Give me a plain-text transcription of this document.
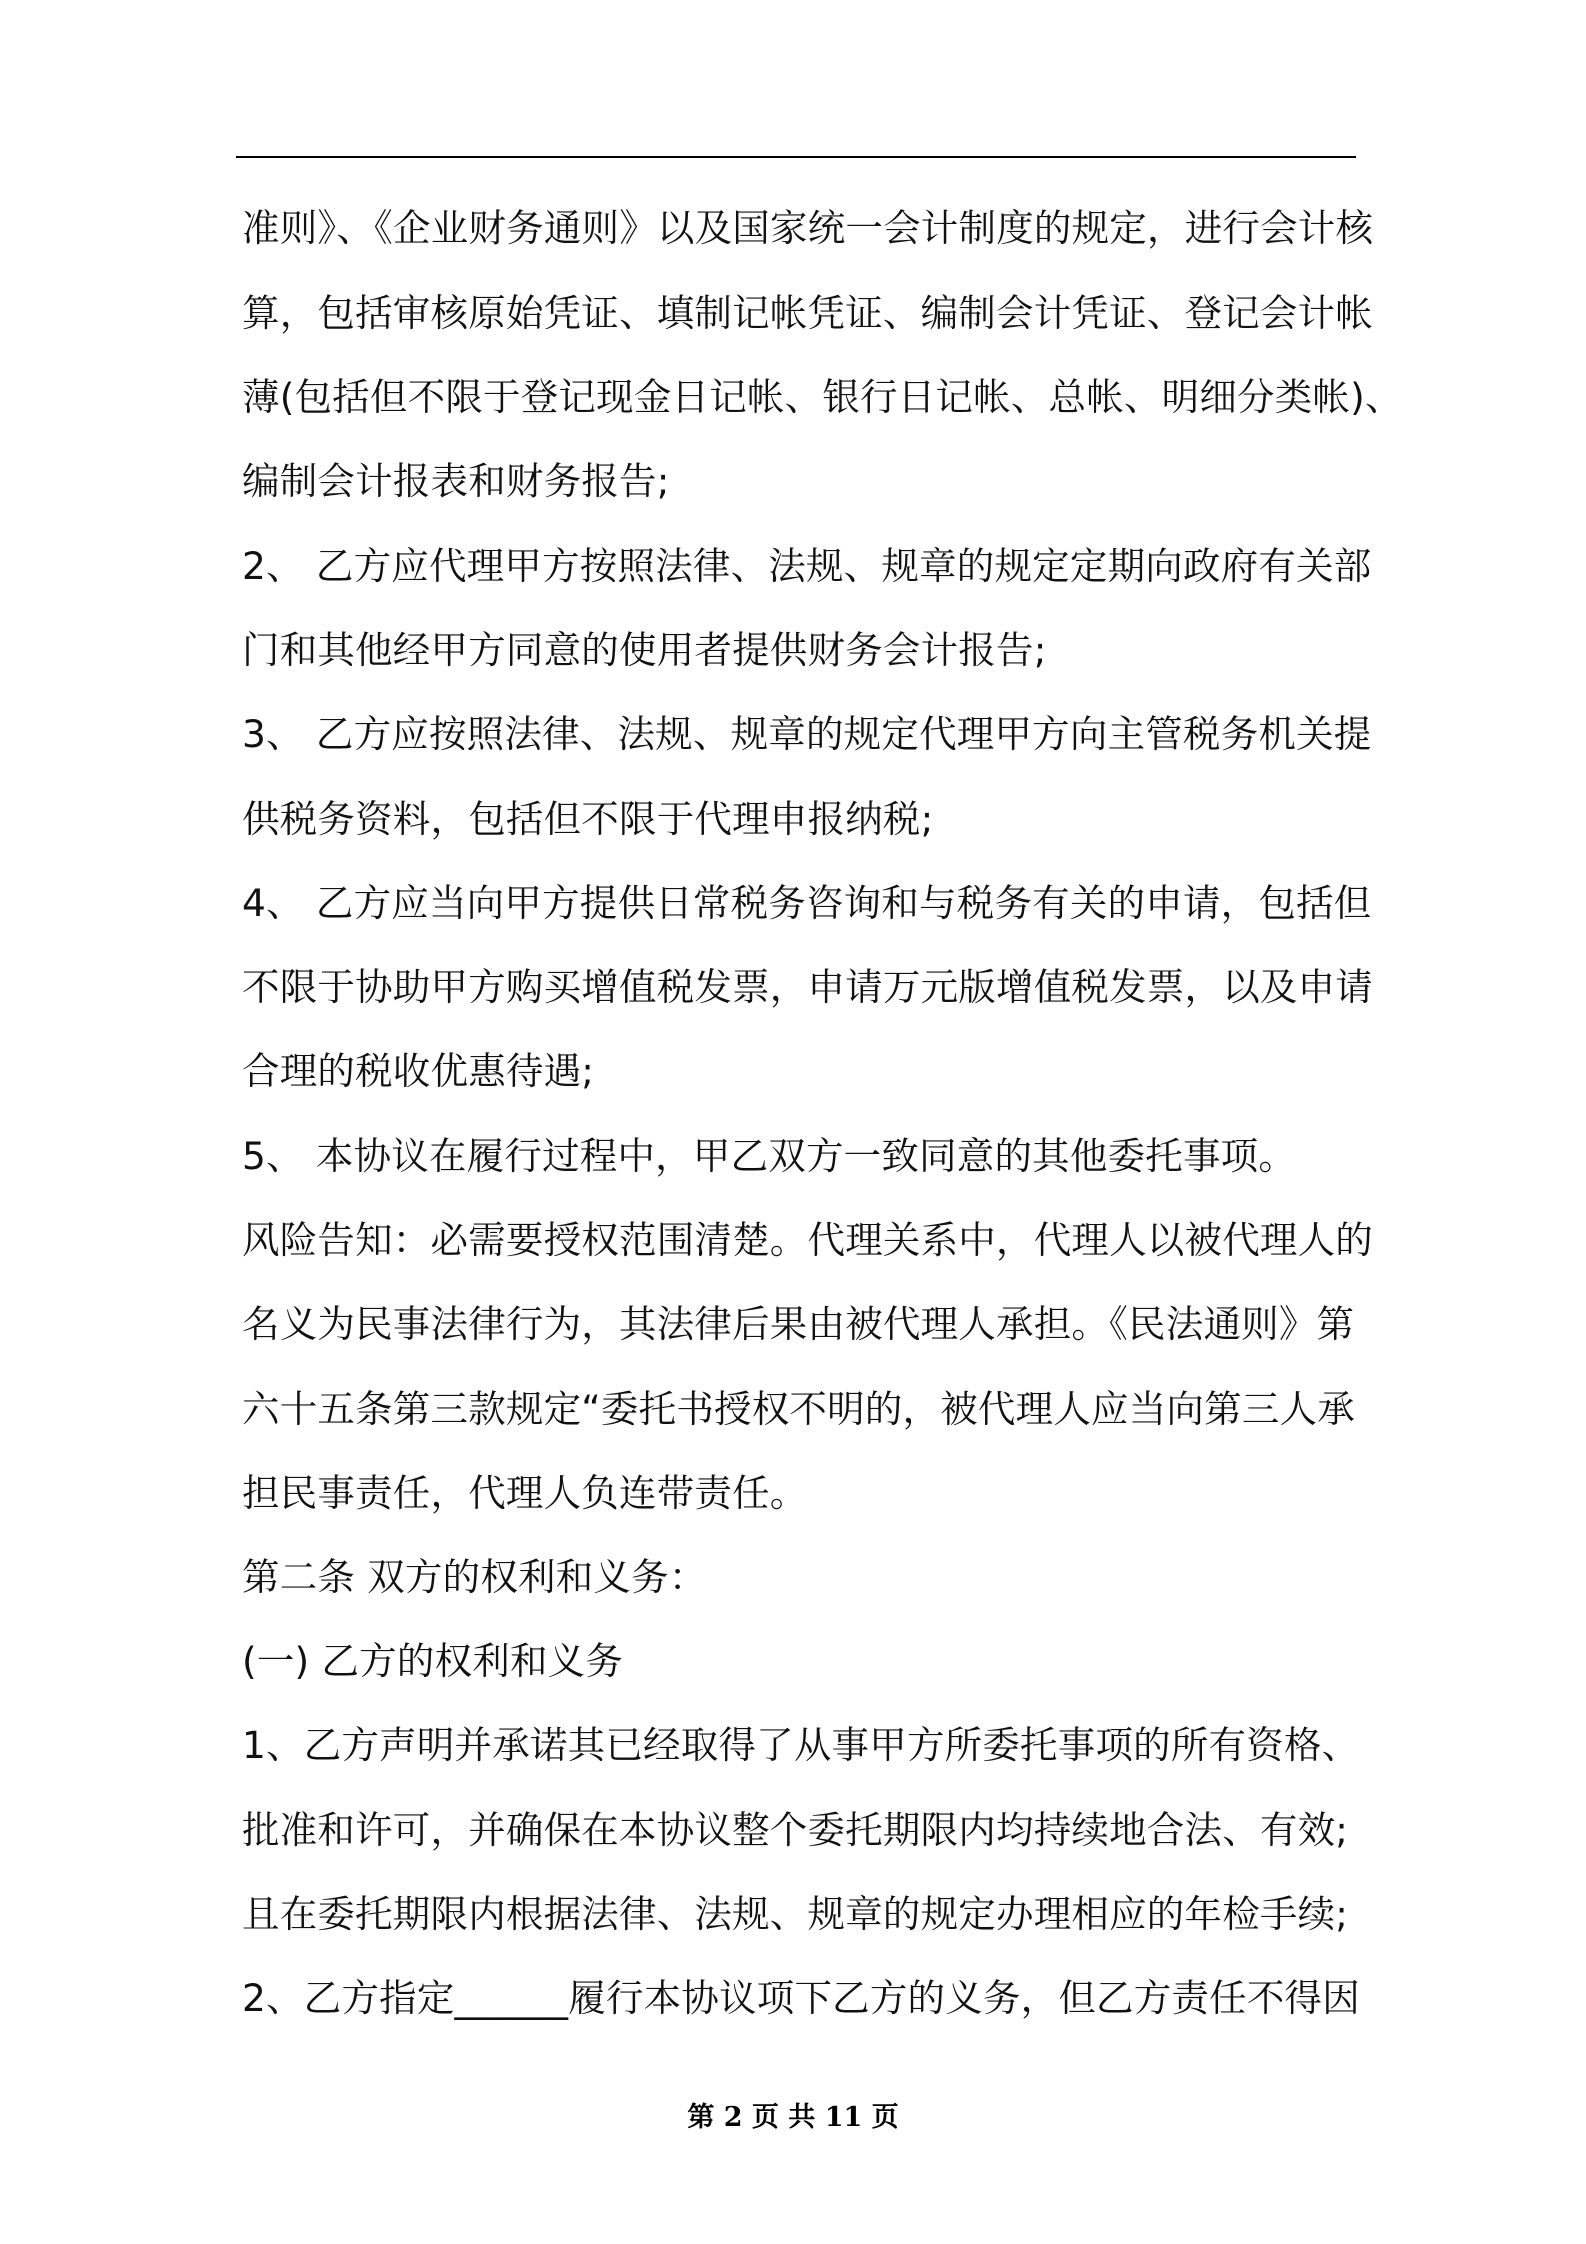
准则》、《企业财务通则》以及国家统一会计制度的规定，进行会计核
算，包括审核原始凭证、填制记帐凭证、编制会计凭证、登记会计帐
薄(包括但不限于登记现金日记帐、银行日记帐、总帐、明细分类帐)、
编制会计报表和财务报告;
2、 乙方应代理甲方按照法律、法规、规章的规定定期向政府有关部
门和其他经甲方同意的使用者提供财务会计报告;
3、 乙方应按照法律、法规、规章的规定代理甲方向主管税务机关提
供税务资料，包括但不限于代理申报纳税;
4、 乙方应当向甲方提供日常税务咨询和与税务有关的申请，包括但
不限于协助甲方购买增值税发票，申请万元版增值税发票，以及申请
合理的税收优惠待遇;
5、 本协议在履行过程中，甲乙双方一致同意的其他委托事项。
风险告知：必需要授权范围清楚。代理关系中，代理人以被代理人的
名义为民事法律行为，其法律后果由被代理人承担。《民法通则》第
六十五条第三款规定“委托书授权不明的，被代理人应当向第三人承
担民事责任，代理人负连带责任。
第二条 双方的权利和义务：
(一) 乙方的权利和义务
1、乙方声明并承诺其已经取得了从事甲方所委托事项的所有资格、
批准和许可，并确保在本协议整个委托期限内均持续地合法、有效;
且在委托期限内根据法律、法规、规章的规定办理相应的年检手续;
2、乙方指定______履行本协议项下乙方的义务，但乙方责任不得因
第 2 页 共 11 页
